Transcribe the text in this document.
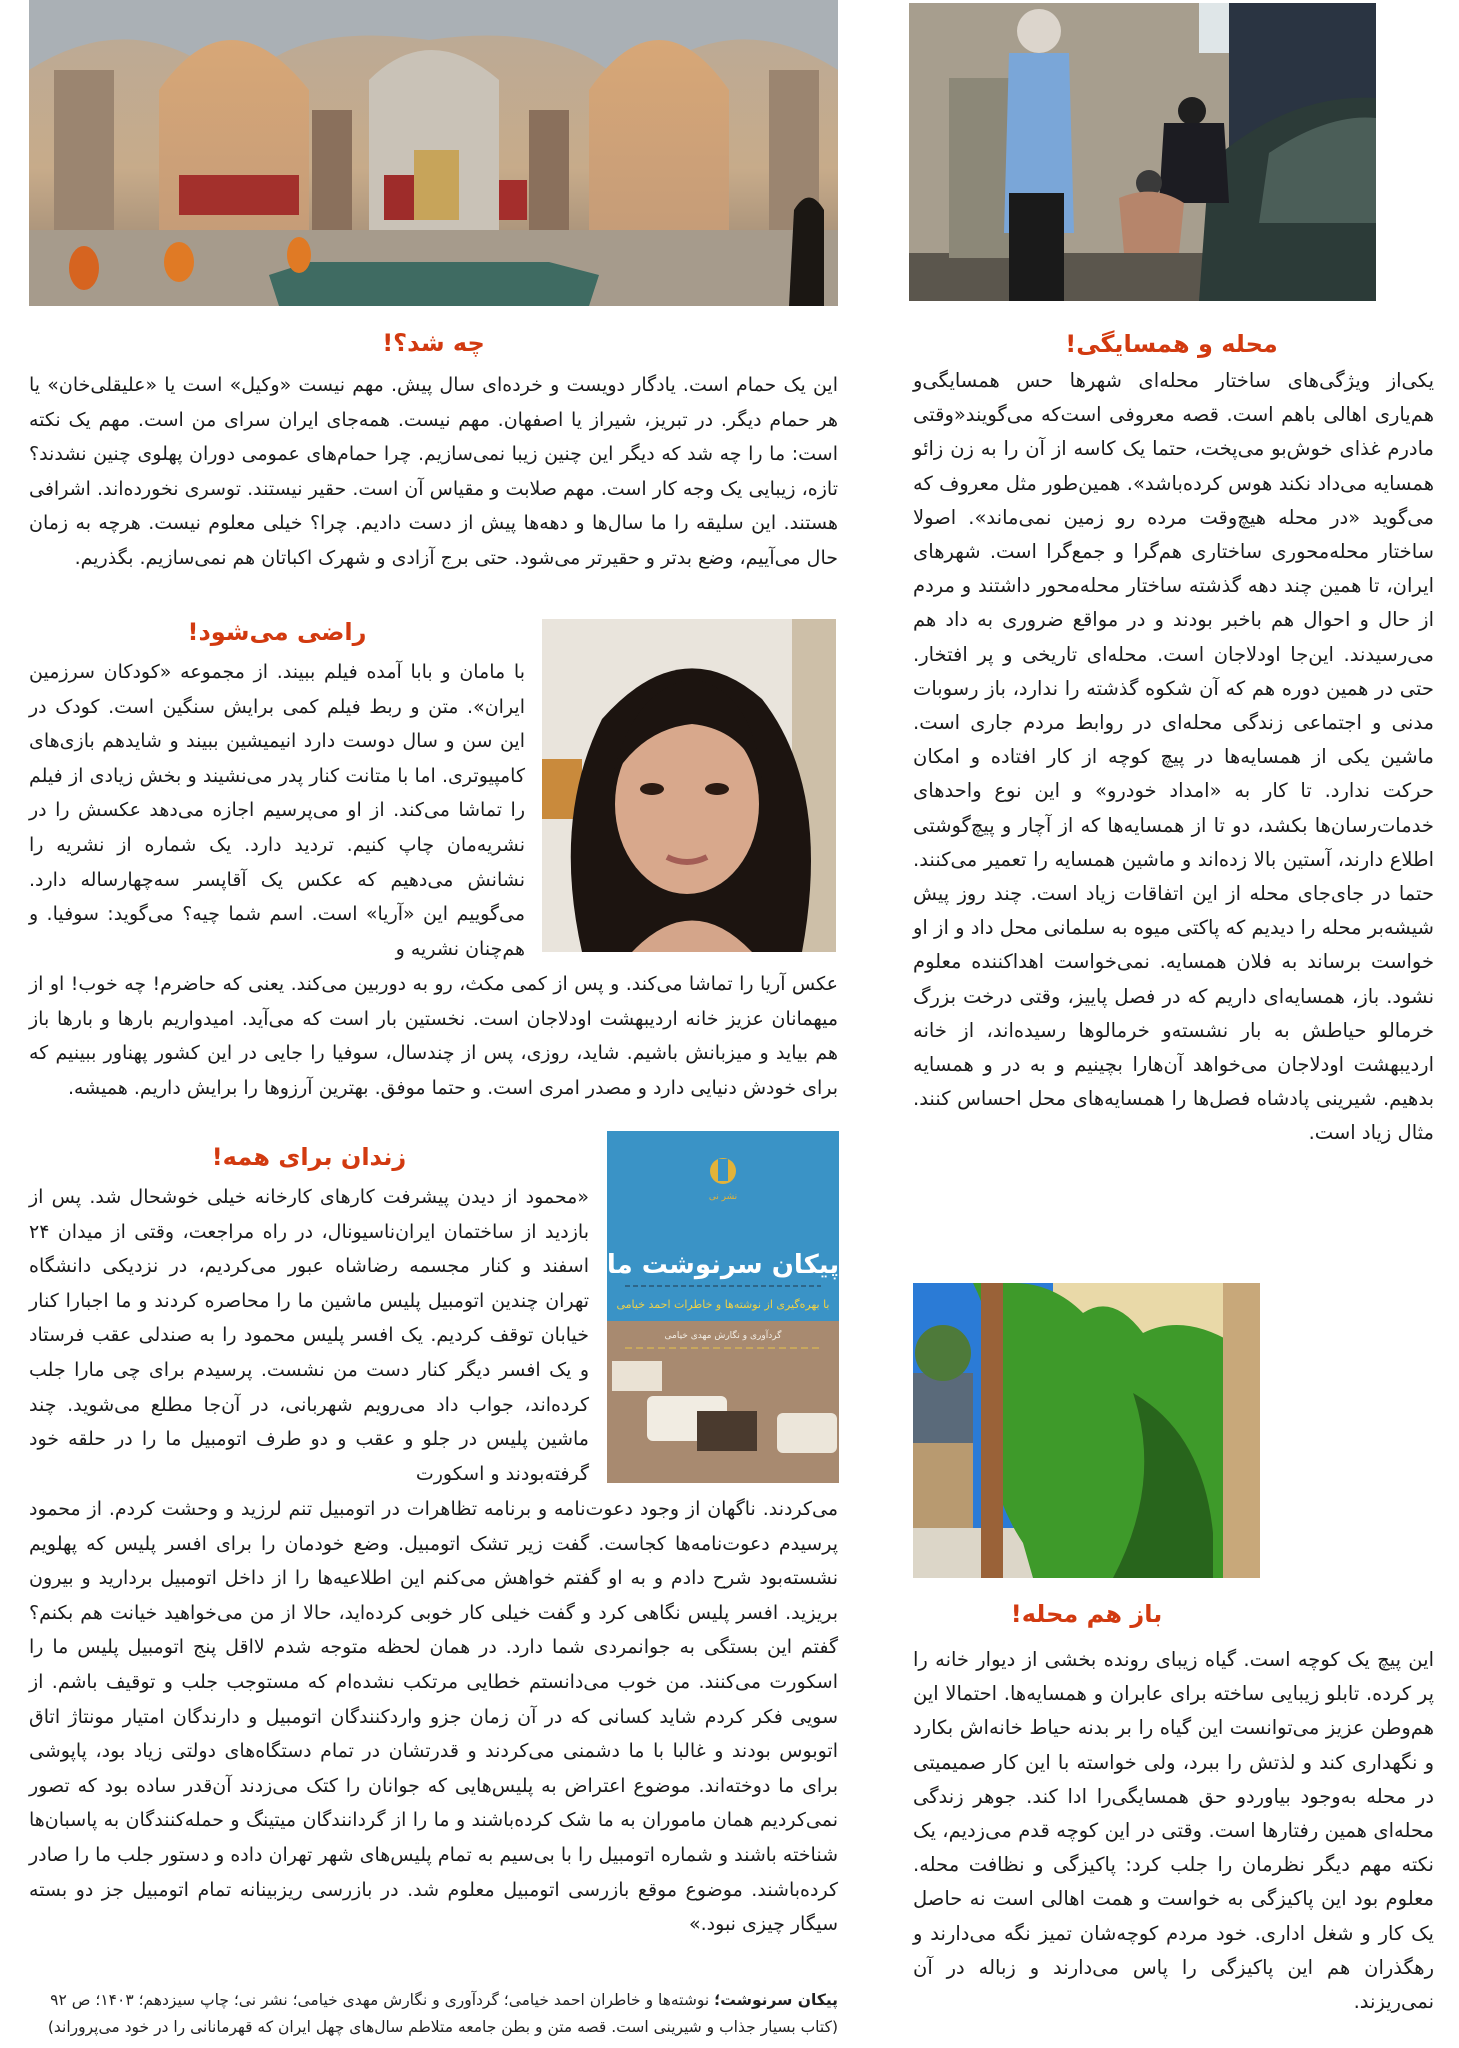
چه شد؟!
این یک حمام است. یادگار دویست و خرده‌ای سال پیش. مهم نیست «وکیل» است یا «علیقلی‌خان» یا هر حمام دیگر. در تبریز، شیراز یا اصفهان. مهم نیست. همه‌جای ایران سرای من است. مهم یک نکته است: ما را چه شد که دیگر این چنین زیبا نمی‌سازیم. چرا حمام‌های عمومی دوران پهلوی چنین نشدند؟ تازه، زیبایی یک وجه کار است. مهم صلابت و مقیاس آن است. حقیر نیستند. توسری نخورده‌اند. اشرافی هستند. این سلیقه را ما سال‌ها و دهه‌ها پیش از دست دادیم. چرا؟ خیلی معلوم نیست. هرچه به زمان حال می‌آییم، وضع بدتر و حقیرتر می‌شود. حتی برج آزادی و شهرک اکباتان هم نمی‌سازیم. بگذریم.
راضی می‌شود!
با مامان و بابا آمده فیلم ببیند. از مجموعه «کودکان سرزمین ایران». متن و ربط فیلم کمی برایش سنگین است. کودک در این سن و سال دوست دارد انیمیشین ببیند و شایدهم بازی‌های کامپیوتری. اما با متانت کنار پدر می‌نشیند و بخش زیادی از فیلم را تماشا می‌کند. از او می‌پرسیم اجازه می‌دهد عکسش را در نشریه‌مان چاپ کنیم. تردید دارد. یک شماره از نشریه را نشانش می‌دهیم که عکس یک آقاپسر سه‌چهارساله دارد. می‌گوییم این «آریا» است. اسم شما چیه؟ می‌گوید: سوفیا. و هم‌چنان نشریه و
عکس آریا را تماشا می‌کند. و پس از کمی مکث، رو به دوربین می‌کند. یعنی که حاضرم! چه خوب! او از میهمانان عزیز خانه اردیبهشت اودلاجان است. نخستین بار است که می‌آید. امیدواریم بارها و بارها باز هم بیاید و میزبانش باشیم. شاید، روزی، پس از چندسال، سوفیا را جایی در این کشور پهناور ببینیم که برای خودش دنیایی دارد و مصدر امری است. و حتما موفق. بهترین آرزوها را برایش داریم. همیشه.
زندان برای همه!
نشر نی
پیکان سرنوشت ما
با بهره‌گیری از نوشته‌ها و خاطرات احمد خیامی
گردآوری و نگارش مهدی خیامی
«محمود از دیدن پیشرفت کارهای کارخانه خیلی خوشحال شد. پس از بازدید از ساختمان ایران‌ناسیونال، در راه مراجعت، وقتی از میدان ۲۴ اسفند و کنار مجسمه رضاشاه عبور می‌کردیم، در نزدیکی دانشگاه تهران چندین اتومبیل پلیس ماشین ما را محاصره کردند و ما اجبارا کنار خیابان توقف کردیم. یک افسر پلیس محمود را به صندلی عقب فرستاد و یک افسر دیگر کنار دست من نشست. پرسیدم برای چی مارا جلب کرده‌اند، جواب داد می‌رویم شهربانی، در آن‌جا مطلع می‌شوید. چند ماشین پلیس در جلو و عقب و دو طرف اتومبیل ما را در حلقه خود گرفته‌بودند و اسکورت
می‌کردند. ناگهان از وجود دعوت‌نامه و برنامه تظاهرات در اتومبیل تنم لرزید و وحشت کردم. از محمود پرسیدم دعوت‌نامه‌ها کجاست. گفت زیر تشک اتومبیل. وضع خودمان را برای افسر پلیس که پهلویم نشسته‌بود شرح دادم و به او گفتم خواهش می‌کنم این اطلاعیه‌ها را از داخل اتومبیل بردارید و بیرون بریزید. افسر پلیس نگاهی کرد و گفت خیلی کار خوبی کرده‌اید، حالا از من می‌خواهید خیانت هم بکنم؟ گفتم این بستگی به جوانمردی شما دارد. در همان لحظه متوجه شدم لااقل پنج اتومبیل پلیس ما را اسکورت می‌کنند. من خوب می‌دانستم خطایی مرتکب نشده‌ام که مستوجب جلب و توقیف باشم. از سویی فکر کردم شاید کسانی که در آن زمان جزو واردکنندگان اتومبیل و دارندگان امتیار مونتاژ اتاق اتوبوس بودند و غالبا با ما دشمنی می‌کردند و قدرتشان در تمام دستگاه‌های دولتی زیاد بود، پاپوشی برای ما دوخته‌اند. موضوع اعتراض به پلیس‌هایی که جوانان را کتک می‌زدند آن‌قدر ساده بود که تصور نمی‌کردیم همان ماموران به ما شک کرده‌باشند و ما را از گردانندگان میتینگ و حمله‌کنندگان به پاسبان‌ها شناخته باشند و شماره اتومبیل را با بی‌سیم به تمام پلیس‌های شهر تهران داده و دستور جلب ما را صادر کرده‌باشند. موضوع موقع بازرسی اتومبیل معلوم شد. در بازرسی ریزبینانه تمام اتومبیل جز دو بسته سیگار چیزی نبود.»
پیکان سرنوشت؛ نوشته‌ها و خاطران احمد خیامی؛ گردآوری و نگارش مهدی خیامی؛ نشر نی؛ چاپ سیزدهم؛ ۱۴۰۳؛ ص ۹۲
(کتاب بسیار جذاب و شیرینی است. قصه متن و بطن جامعه متلاطم سال‌های چهل ایران که قهرمانانی را در خود می‌پروراند)
محله و همسایگی!
یکی‌از ویژگی‌های ساختار محله‌ای شهرها حس همسایگی‌و هم‌یاری اهالی باهم است. قصه معروفی است‌که می‌گویند«وقتی مادرم غذای خوش‌بو می‌پخت، حتما یک کاسه از آن را به زن زائو همسایه می‌داد نکند هوس کرده‌باشد». همین‌طور مثل معروف که می‌گوید «در محله هیچ‌وقت مرده رو زمین نمی‌ماند». اصولا ساختار محله‌محوری ساختاری هم‌گرا و جمع‌گرا است. شهرهای ایران، تا همین چند دهه گذشته ساختار محله‌محور داشتند و مردم از حال و احوال هم باخبر بودند و در مواقع ضروری به داد هم می‌رسیدند. این‌جا اودلاجان است. محله‌ای تاریخی و پر افتخار. حتی در همین دوره هم که آن شکوه گذشته را ندارد، باز رسوبات مدنی و اجتماعی زندگی محله‌ای در روابط مردم جاری است. ماشین یکی از همسایه‌ها در پیچ کوچه از کار افتاده و امکان حرکت ندارد. تا کار به «امداد خودرو» و این نوع واحدهای خدمات‌رسان‌ها بکشد، دو تا از همسایه‌ها که از آچار و پیچ‌گوشتی اطلاع دارند، آستین بالا زده‌اند و ماشین همسایه را تعمیر می‌کنند. حتما در جای‌جای محله از این اتفاقات زیاد است. چند روز پیش شیشه‌بر محله را دیدیم که پاکتی میوه به سلمانی محل داد و از او خواست برساند به فلان همسایه. نمی‌خواست اهداکننده معلوم نشود. باز، همسایه‌ای داریم که در فصل پاییز، وقتی درخت بزرگ خرمالو حیاطش به بار نشسته‌و خرمالوها رسیده‌اند، از خانه اردیبهشت اودلاجان می‌خواهد آن‌هارا بچینیم و به در و همسایه بدهیم. شیرینی پادشاه فصل‌ها را همسایه‌های محل احساس کنند. مثال زیاد است.
باز هم محله!
این پیچ یک کوچه است. گیاه زیبای رونده بخشی از دیوار خانه را پر کرده. تابلو زیبایی ساخته برای عابران و همسایه‌ها. احتمالا این هم‌وطن عزیز می‌توانست این گیاه را بر بدنه حیاط خانه‌اش بکارد و نگهداری کند و لذتش را ببرد، ولی خواسته با این کار صمیمیتی در محله به‌وجود بیاوردو حق همسایگی‌را ادا کند. جوهر زندگی محله‌ای همین رفتارها است. وقتی در این کوچه قدم می‌زدیم، یک نکته مهم دیگر نظرمان را جلب کرد: پاکیزگی و نظافت محله. معلوم بود این پاکیزگی به خواست و همت اهالی است نه حاصل یک کار و شغل اداری. خود مردم کوچه‌شان تمیز نگه می‌دارند و رهگذران هم این پاکیزگی را پاس می‌دارند و زباله در آن نمی‌ریزند.
